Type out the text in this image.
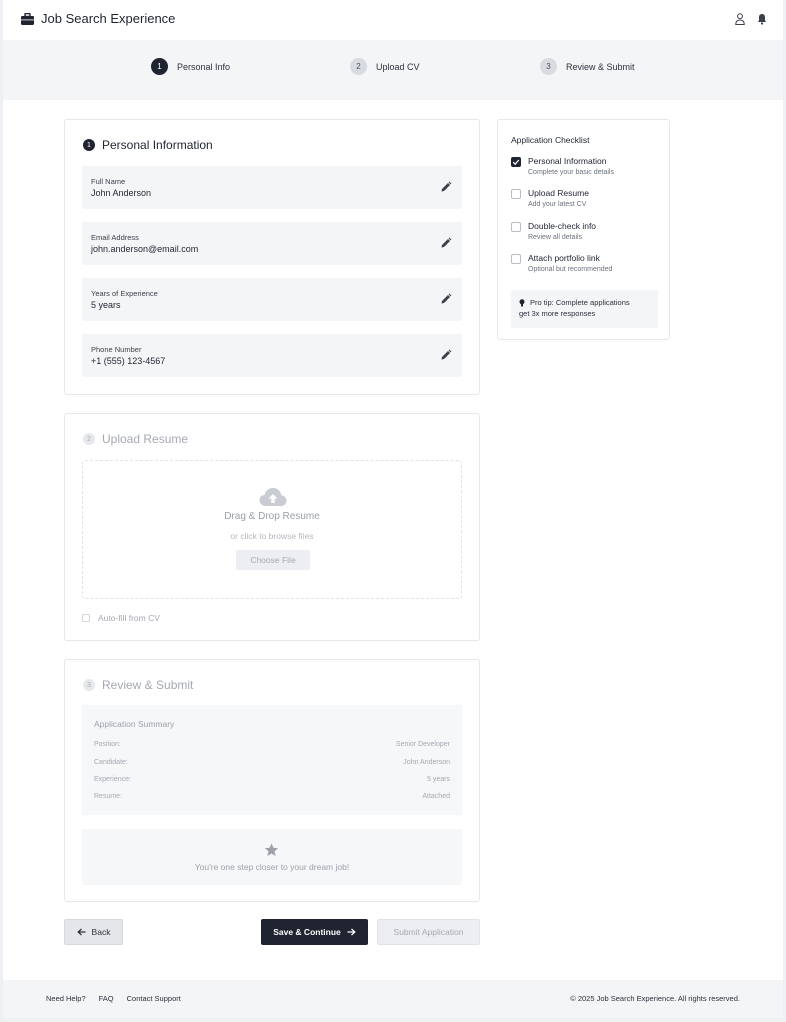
Job Search Experience
1	Personal Info	2	Upload CV	3	Review & Submit
1 Personal Information
Full Name
John Anderson
Email Address
john.anderson@email.com
Years of Experience
5 years
Phone Number
+1 (555) 123-4567
2 Upload Resume
Drag & Drop Resume
or click to browse files
Choose File
Auto-fill from CV
3 Review & Submit
Application Summary
Position:	Senior Developer
Candidate:	John Anderson
Experience:	5 years
Resume:	Attached
You're one step closer to your dream job!
Back	Save & Continue	Submit Application
Application Checklist
Personal Information
Complete your basic details
Upload Resume
Add your latest CV
Double-check info
Review all details
Attach portfolio link
Optional but recommended
Pro tip: Complete applications
get 3x more responses
Need Help? FAQ Contact Support	© 2025 Job Search Experience. All rights reserved.
